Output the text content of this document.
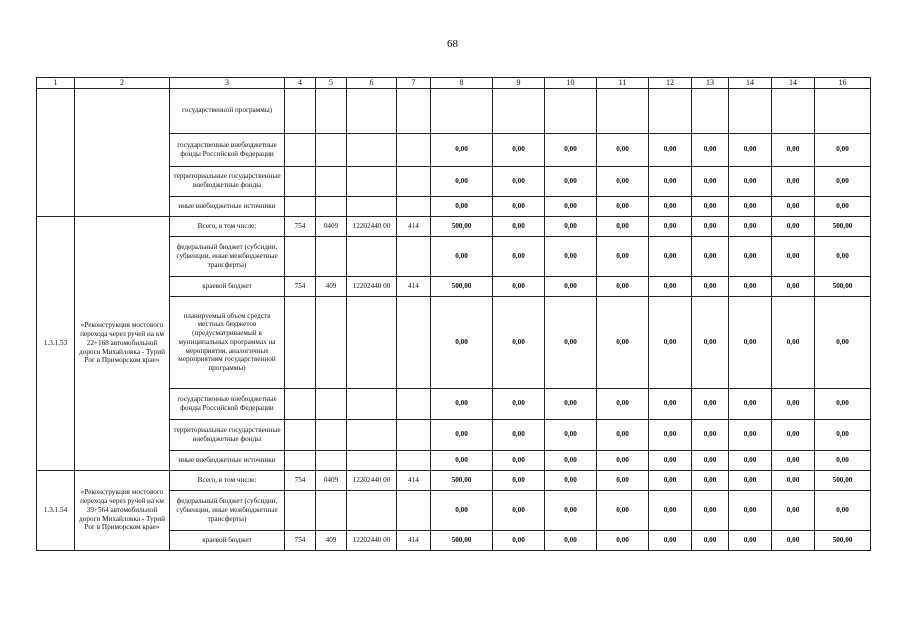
68
1	2	3	4	5	6	7	8	9	10	11	12	13	14	14	16
		государственной программы)													
		государственные внебюджетные фонды Российской Федерации					0,00	0,00	0,00	0,00	0,00	0,00	0,00	0,00	0,00
		территориальные государственные внебюджетные фонды					0,00	0,00	0,00	0,00	0,00	0,00	0,00	0,00	0,00
		иные внебюджетные источники					0,00	0,00	0,00	0,00	0,00	0,00	0,00	0,00	0,00
1.3.1.53	«Реконструкция мостового перехода через ручей на км 22+168 автомобильной дороги Михайловка - Турий Рог в Приморском крае»	Всего, в том числе:	754	0409	12202440 00	414	500,00	0,00	0,00	0,00	0,00	0,00	0,00	0,00	500,00
		федеральный бюджет (субсидии, субвенции, иные межбюджетные трансферты)					0,00	0,00	0,00	0,00	0,00	0,00	0,00	0,00	0,00
		краевой бюджет	754	409	12202440 00	414	500,00	0,00	0,00	0,00	0,00	0,00	0,00	0,00	500,00
		планируемый объем средств местных бюджетов (предусматриваемый в муниципальных программах на мероприятия, аналогичные мероприятиям государственной программы)					0,00	0,00	0,00	0,00	0,00	0,00	0,00	0,00	0,00
		государственные внебюджетные фонды Российской Федерации					0,00	0,00	0,00	0,00	0,00	0,00	0,00	0,00	0,00
		территориальные государственные внебюджетные фонды					0,00	0,00	0,00	0,00	0,00	0,00	0,00	0,00	0,00
		иные внебюджетные источники					0,00	0,00	0,00	0,00	0,00	0,00	0,00	0,00	0,00
1.3.1.54	«Реконструкция мостового перехода через ручей на км 39+564 автомобильной дороги Михайловка - Турий Рог в Приморском крае»	Всего, в том числе:	754	0409	12202440 00	414	500,00	0,00	0,00	0,00	0,00	0,00	0,00	0,00	500,00
		федеральный бюджет (субсидии, субвенции, иные межбюджетные трансферты)					0,00	0,00	0,00	0,00	0,00	0,00	0,00	0,00	0,00
		краевой бюджет	754	409	12202440 00	414	500,00	0,00	0,00	0,00	0,00	0,00	0,00	0,00	500,00
